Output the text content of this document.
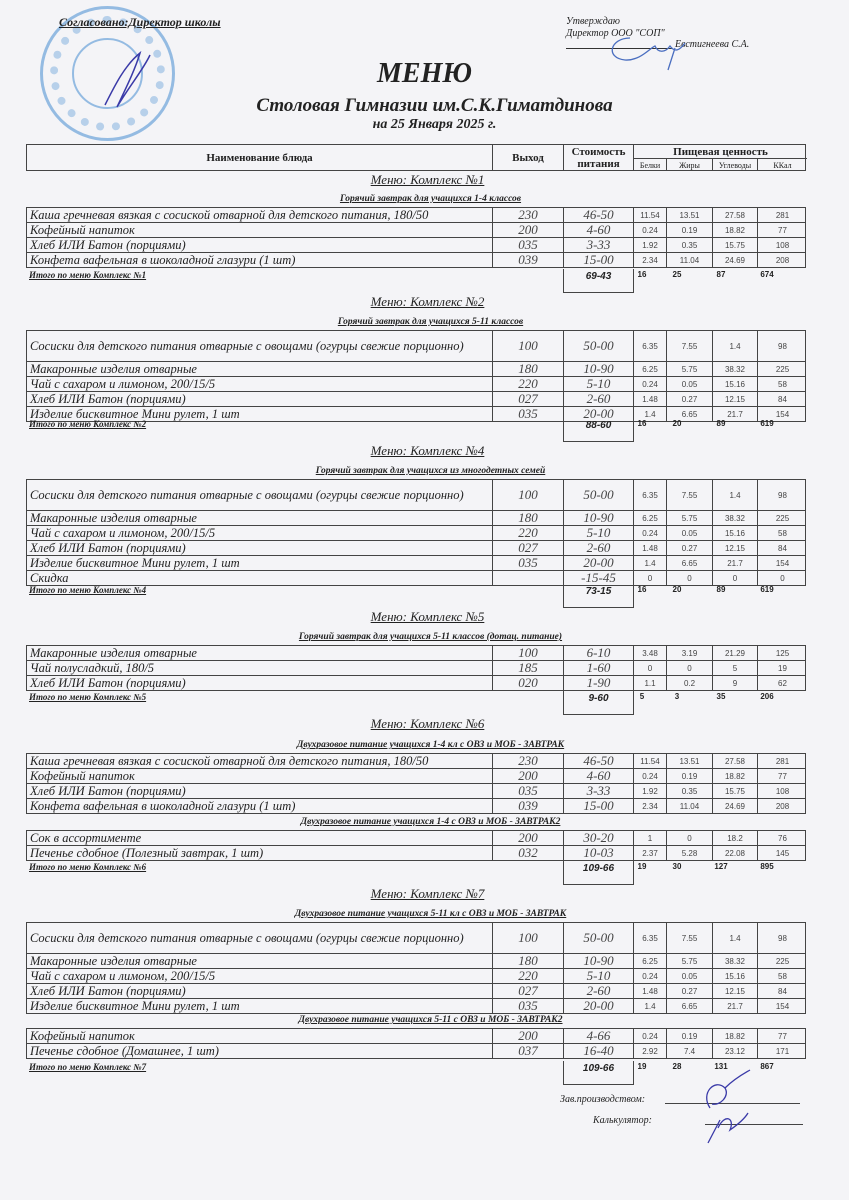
Согласовано:Директор школы	Утверждаю
Директор ООО "СОП"
Евстигнеева С.А.
МЕНЮ
Столовая Гимназии им.С.К.Гиматдинова
на 25 Января 2025 г.
Наименование блюда	Выход	Стоимость
питания
Пищевая ценность
Белки	Жиры	Углеводы	ККал
Меню: Комплекс №1
Горячий завтрак для учащихся 1-4 классов
Каша гречневая вязкая с сосиской отварной для детского питания, 180/50	230	46-50	11.54	13.51	27.58	281
Кофейный напиток	200	4-60	0.24	0.19	18.82	77
Хлеб ИЛИ Батон (порциями)	035	3-33	1.92	0.35	15.75	108
Конфета вафельная в шоколадной глазури (1 шт)	039	15-00	2.34	11.04	24.69	208
Итого по меню Комплекс №1	69-43	16	25	87	674
Меню: Комплекс №2
Горячий завтрак для учащихся 5-11 классов
Сосиски для детского питания отварные с овощами (огурцы свежие порционно)	100	50-00	6.35	7.55	1.4	98
Макаронные изделия отварные	180	10-90	6.25	5.75	38.32	225
Чай с сахаром и лимоном, 200/15/5	220	5-10	0.24	0.05	15.16	58
Хлеб ИЛИ Батон (порциями)	027	2-60	1.48	0.27	12.15	84
Изделие бисквитное Мини рулет, 1 шт	035	20-00	1.4	6.65	21.7	154
Итого по меню Комплекс №2	88-60	16	20	89	619
Меню: Комплекс №4
Горячий завтрак для учащихся из многодетных семей
Сосиски для детского питания отварные с овощами (огурцы свежие порционно)	100	50-00	6.35	7.55	1.4	98
Макаронные изделия отварные	180	10-90	6.25	5.75	38.32	225
Чай с сахаром и лимоном, 200/15/5	220	5-10	0.24	0.05	15.16	58
Хлеб ИЛИ Батон (порциями)	027	2-60	1.48	0.27	12.15	84
Изделие бисквитное Мини рулет, 1 шт	035	20-00	1.4	6.65	21.7	154
Скидка	-15-45	0	0	0	0
Итого по меню Комплекс №4	73-15	16	20	89	619
Меню: Комплекс №5
Горячий завтрак для учащихся 5-11 классов (дотац. питание)
Макаронные изделия отварные	100	6-10	3.48	3.19	21.29	125
Чай полусладкий, 180/5	185	1-60	0	0	5	19
Хлеб ИЛИ Батон (порциями)	020	1-90	1.1	0.2	9	62
Итого по меню Комплекс №5	9-60	5	3	35	206
Меню: Комплекс №6
Двухразовое питание учащихся 1-4 кл с ОВЗ и МОБ - ЗАВТРАК
Каша гречневая вязкая с сосиской отварной для детского питания, 180/50	230	46-50	11.54	13.51	27.58	281
Кофейный напиток	200	4-60	0.24	0.19	18.82	77
Хлеб ИЛИ Батон (порциями)	035	3-33	1.92	0.35	15.75	108
Конфета вафельная в шоколадной глазури (1 шт)	039	15-00	2.34	11.04	24.69	208
Двухразовое питание учащихся 1-4 с ОВЗ и МОБ - ЗАВТРАК2
Сок в ассортименте	200	30-20	1	0	18.2	76
Печенье сдобное (Полезный завтрак, 1 шт)	032	10-03	2.37	5.28	22.08	145
Итого по меню Комплекс №6	109-66	19	30	127	895
Меню: Комплекс №7
Двухразовое питание учащихся 5-11 кл с ОВЗ и МОБ - ЗАВТРАК
Сосиски для детского питания отварные с овощами (огурцы свежие порционно)	100	50-00	6.35	7.55	1.4	98
Макаронные изделия отварные	180	10-90	6.25	5.75	38.32	225
Чай с сахаром и лимоном, 200/15/5	220	5-10	0.24	0.05	15.16	58
Хлеб ИЛИ Батон (порциями)	027	2-60	1.48	0.27	12.15	84
Изделие бисквитное Мини рулет, 1 шт	035	20-00	1.4	6.65	21.7	154
Двухразовое питание учащихся 5-11 с ОВЗ и МОБ - ЗАВТРАК2
Кофейный напиток	200	4-66	0.24	0.19	18.82	77
Печенье сдобное (Домашнее, 1 шт)	037	16-40	2.92	7.4	23.12	171
Итого по меню Комплекс №7	109-66	19	28	131	867
Зав.производством:
Калькулятор:
